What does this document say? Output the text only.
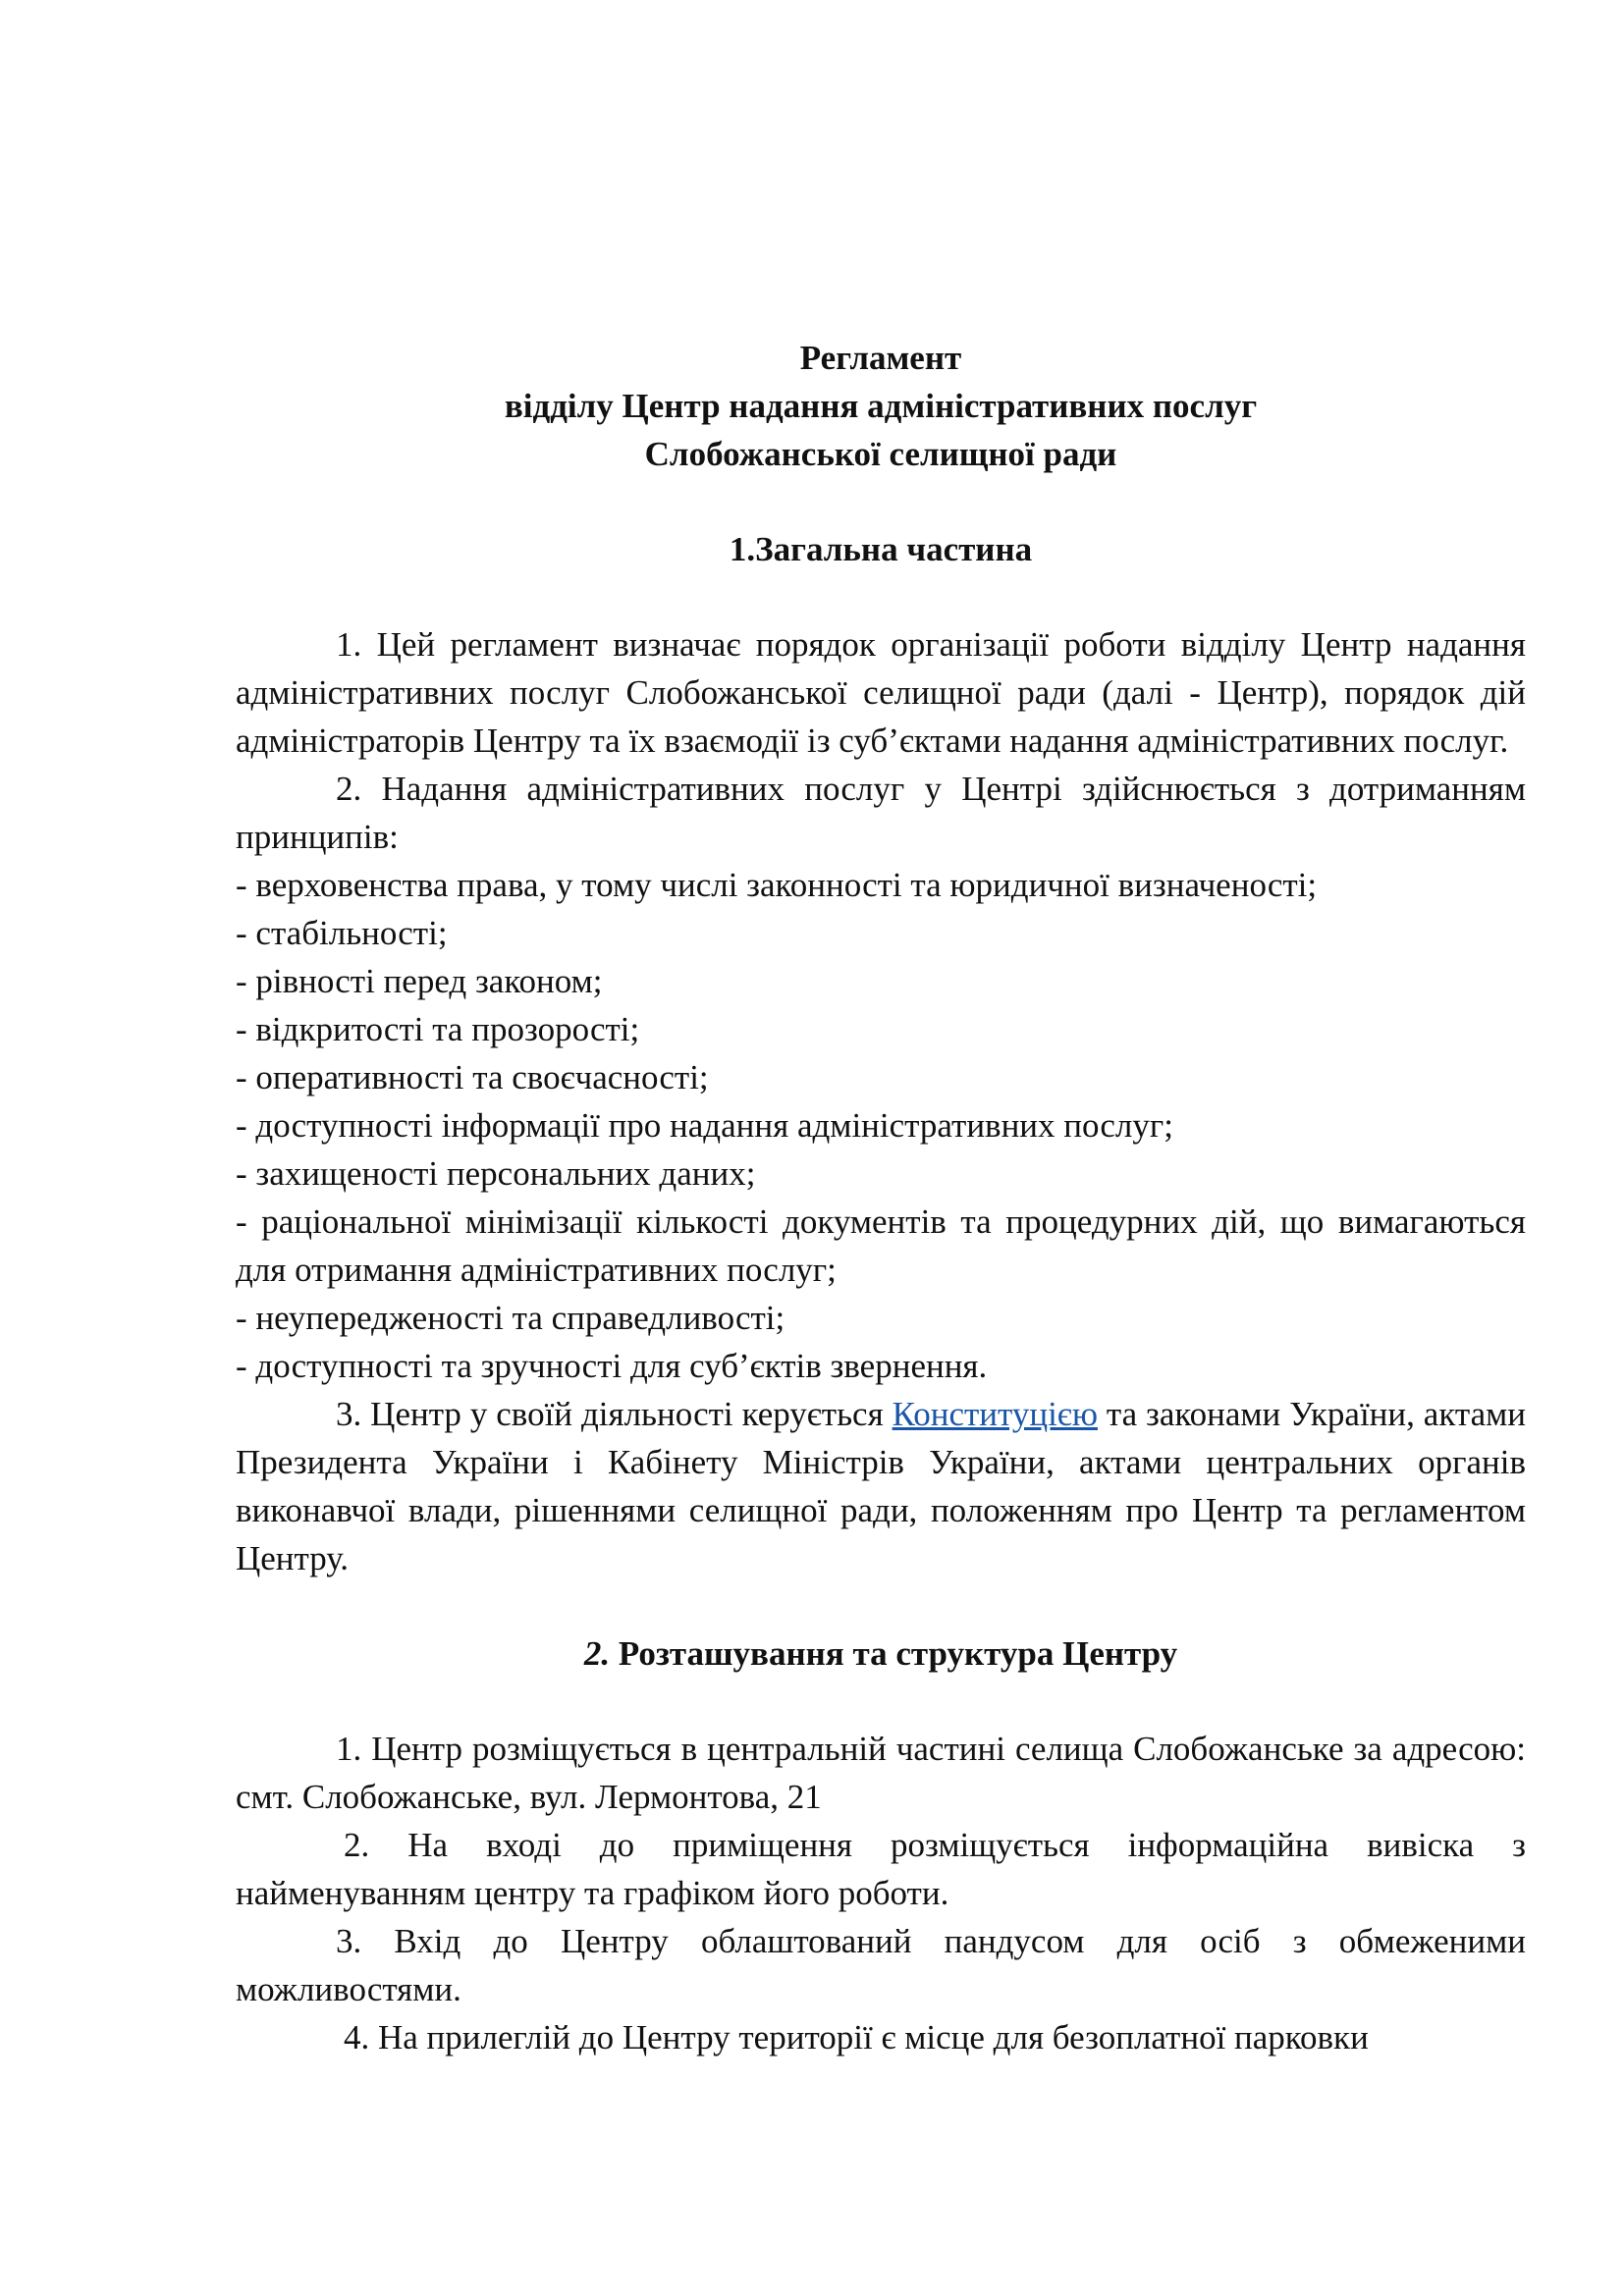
Регламент
відділу Центр надання адміністративних послуг
Слобожанської селищної ради
1.Загальна частина

1. Цей регламент визначає порядок організації роботи відділу Центр надання адміністративних послуг Слобожанської селищної ради (далі - Центр), порядок дій адміністраторів Центру та їх взаємодії із суб’єктами надання адміністративних послуг.

2. Надання адміністративних послуг у Центрі здійснюється з дотриманням принципів:

- верховенства права, у тому числі законності та юридичної визначеності;

- стабільності;

- рівності перед законом;

- відкритості та прозорості;

- оперативності та своєчасності;

- доступності інформації про надання адміністративних послуг;

- захищеності персональних даних;

- раціональної мінімізації кількості документів та процедурних дій, що вимагаються для отримання адміністративних послуг;

- неупередженості та справедливості;

- доступності та зручності для суб’єктів звернення.

3. Центр у своїй діяльності керується Конституцією та законами України, актами Президента України і Кабінету Міністрів України, актами центральних органів виконавчої влади, рішеннями селищної ради, положенням про Центр та регламентом Центру.

2. Розташування та структура Центру

1. Центр розміщується в центральній частині селища Слобожанське за адресою: смт. Слобожанське, вул. Лермонтова, 21

2. На вході до приміщення розміщується інформаційна вивіска з найменуванням центру та графіком його роботи.

3. Вхід до Центру облаштований пандусом для осіб з обмеженими можливостями.

4. На прилеглій до Центру території є місце для безоплатної парковки
